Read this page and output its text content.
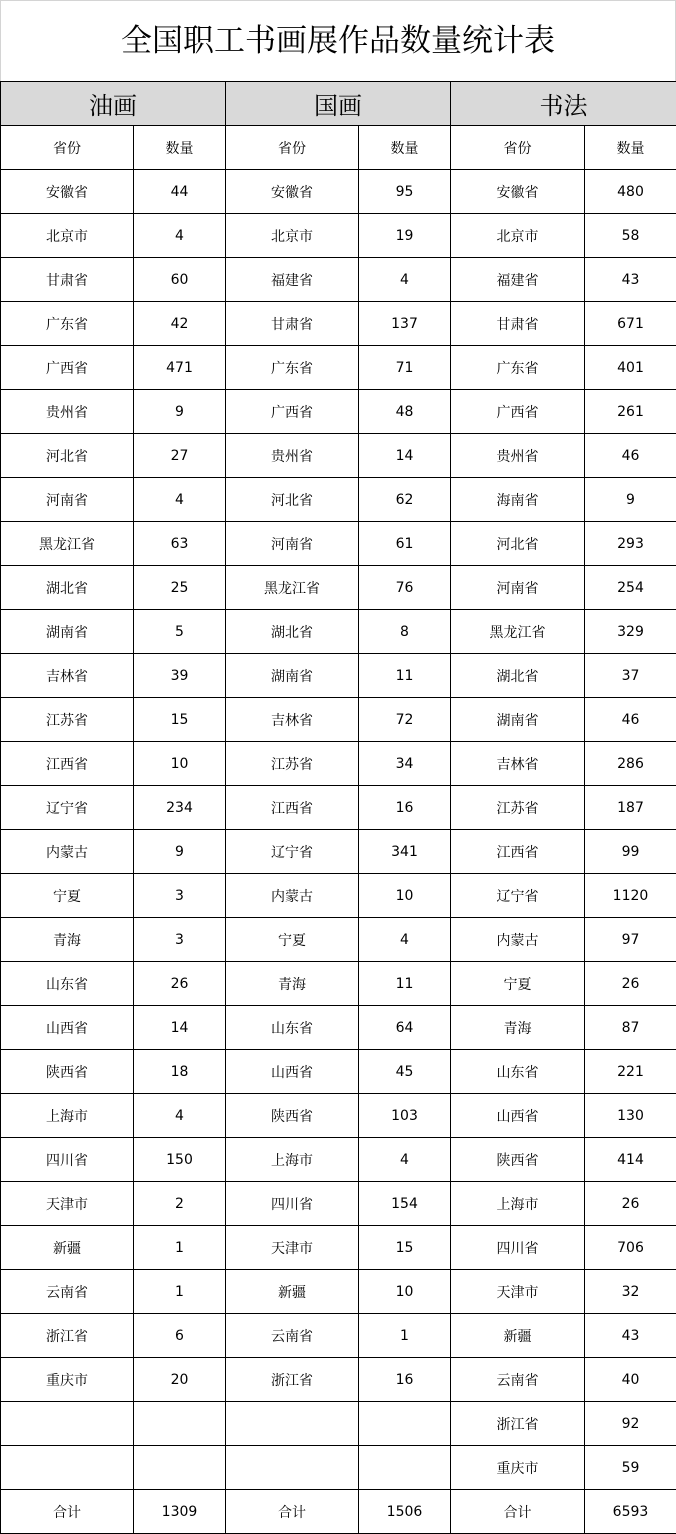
全国职工书画展作品数量统计表
油画		国画		书法	
省份	数量	省份	数量	省份	数量
安徽省	44	安徽省	95	安徽省	480
北京市	4	北京市	19	北京市	58
甘肃省	60	福建省	4	福建省	43
广东省	42	甘肃省	137	甘肃省	671
广西省	471	广东省	71	广东省	401
贵州省	9	广西省	48	广西省	261
河北省	27	贵州省	14	贵州省	46
河南省	4	河北省	62	海南省	9
黑龙江省	63	河南省	61	河北省	293
湖北省	25	黑龙江省	76	河南省	254
湖南省	5	湖北省	8	黑龙江省	329
吉林省	39	湖南省	11	湖北省	37
江苏省	15	吉林省	72	湖南省	46
江西省	10	江苏省	34	吉林省	286
辽宁省	234	江西省	16	江苏省	187
内蒙古	9	辽宁省	341	江西省	99
宁夏	3	内蒙古	10	辽宁省	1120
青海	3	宁夏	4	内蒙古	97
山东省	26	青海	11	宁夏	26
山西省	14	山东省	64	青海	87
陕西省	18	山西省	45	山东省	221
上海市	4	陕西省	103	山西省	130
四川省	150	上海市	4	陕西省	414
天津市	2	四川省	154	上海市	26
新疆	1	天津市	15	四川省	706
云南省	1	新疆	10	天津市	32
浙江省	6	云南省	1	新疆	43
重庆市	20	浙江省	16	云南省	40
				浙江省	92
				重庆市	59
合计	1309	合计	1506	合计	6593
